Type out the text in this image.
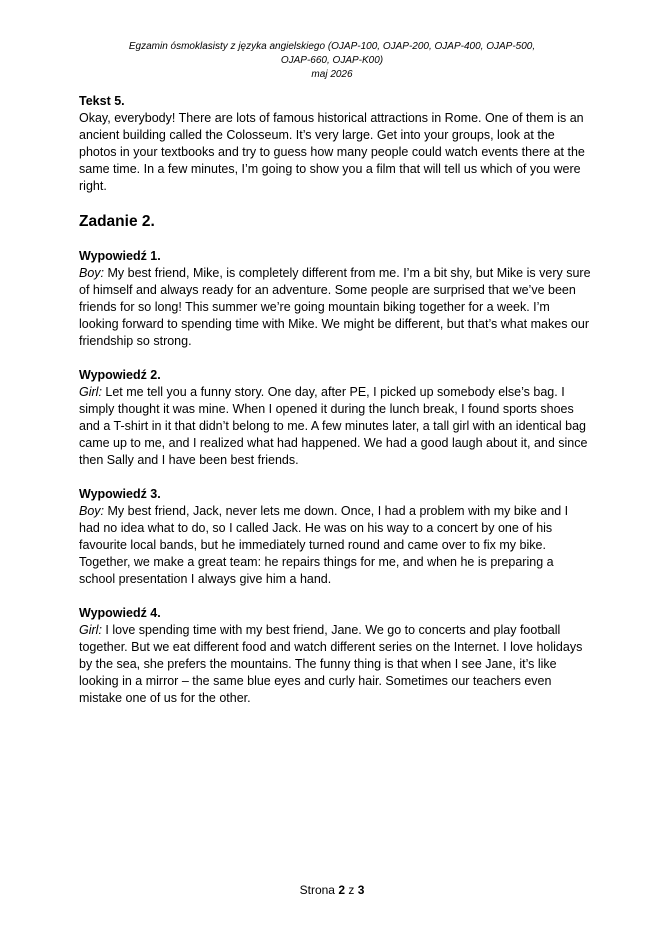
Egzamin ósmoklasisty z języka angielskiego (OJAP-100, OJAP-200, OJAP-400, OJAP-500,
OJAP-660, OJAP-K00)
maj 2026

Tekst 5.

Okay, everybody! There are lots of famous historical attractions in Rome. One of them is an ancient building called the Colosseum. It’s very large. Get into your groups, look at the photos in your textbooks and try to guess how many people could watch events there at the same time. In a few minutes, I’m going to show you a film that will tell us which of you were right.

Zadanie 2.

Wypowiedź 1.

Boy: My best friend, Mike, is completely different from me. I’m a bit shy, but Mike is very sure of himself and always ready for an adventure. Some people are surprised that we’ve been friends for so long! This summer we’re going mountain biking together for a week. I’m looking forward to spending time with Mike. We might be different, but that’s what makes our friendship so strong.

Wypowiedź 2.

Girl: Let me tell you a funny story. One day, after PE, I picked up somebody else’s bag. I simply thought it was mine. When I opened it during the lunch break, I found sports shoes and a T-shirt in it that didn’t belong to me. A few minutes later, a tall girl with an identical bag came up to me, and I realized what had happened. We had a good laugh about it, and since then Sally and I have been best friends.

Wypowiedź 3.

Boy: My best friend, Jack, never lets me down. Once, I had a problem with my bike and I had no idea what to do, so I called Jack. He was on his way to a concert by one of his favourite local bands, but he immediately turned round and came over to fix my bike. Together, we make a great team: he repairs things for me, and when he is preparing a school presentation I always give him a hand.

Wypowiedź 4.

Girl: I love spending time with my best friend, Jane. We go to concerts and play football together. But we eat different food and watch different series on the Internet. I love holidays by the sea, she prefers the mountains. The funny thing is that when I see Jane, it’s like looking in a mirror – the same blue eyes and curly hair. Sometimes our teachers even mistake one of us for the other.

Strona 2 z 3
